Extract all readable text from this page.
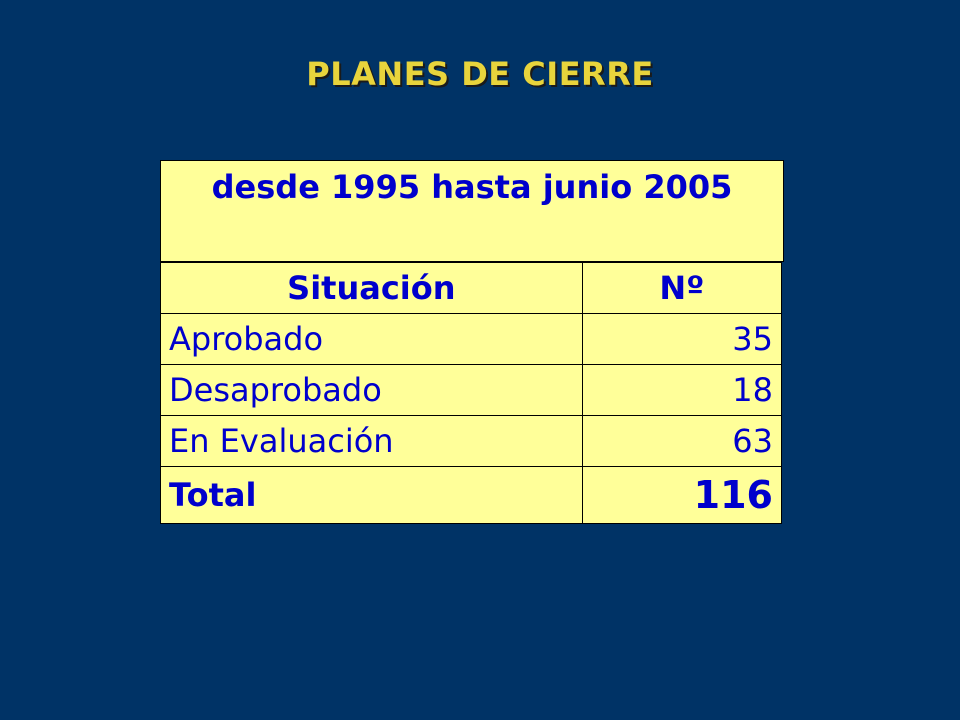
PLANES DE CIERRE
desde 1995 hasta junio 2005
Situación	Nº
Aprobado	35
Desaprobado	18
En Evaluación	63
Total	116
